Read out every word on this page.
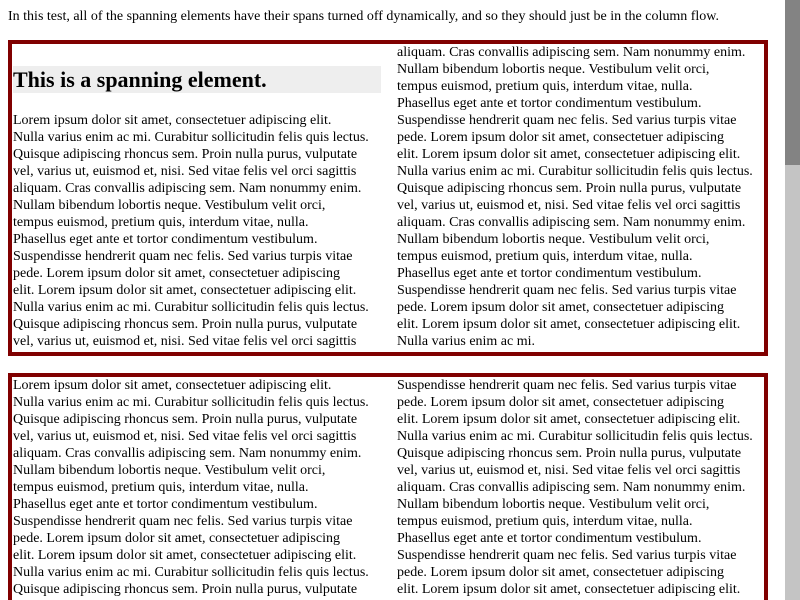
In this test, all of the spanning elements have their spans turned off dynamically, and so they should just be in the column flow.

This is a spanning element.

Lorem ipsum dolor sit amet, consectetuer adipiscing elit.

Nulla varius enim ac mi. Curabitur sollicitudin felis quis lectus.

Quisque adipiscing rhoncus sem. Proin nulla purus, vulputate

vel, varius ut, euismod et, nisi. Sed vitae felis vel orci sagittis

aliquam. Cras convallis adipiscing sem. Nam nonummy enim.

Nullam bibendum lobortis neque. Vestibulum velit orci,

tempus euismod, pretium quis, interdum vitae, nulla.

Phasellus eget ante et tortor condimentum vestibulum.

Suspendisse hendrerit quam nec felis. Sed varius turpis vitae

pede. Lorem ipsum dolor sit amet, consectetuer adipiscing

elit. Lorem ipsum dolor sit amet, consectetuer adipiscing elit.

Nulla varius enim ac mi. Curabitur sollicitudin felis quis lectus.

Quisque adipiscing rhoncus sem. Proin nulla purus, vulputate

vel, varius ut, euismod et, nisi. Sed vitae felis vel orci sagittis

aliquam. Cras convallis adipiscing sem. Nam nonummy enim.

Nullam bibendum lobortis neque. Vestibulum velit orci,

tempus euismod, pretium quis, interdum vitae, nulla.

Phasellus eget ante et tortor condimentum vestibulum.

Suspendisse hendrerit quam nec felis. Sed varius turpis vitae

pede. Lorem ipsum dolor sit amet, consectetuer adipiscing

elit. Lorem ipsum dolor sit amet, consectetuer adipiscing elit.

Nulla varius enim ac mi. Curabitur sollicitudin felis quis lectus.

Quisque adipiscing rhoncus sem. Proin nulla purus, vulputate

vel, varius ut, euismod et, nisi. Sed vitae felis vel orci sagittis

aliquam. Cras convallis adipiscing sem. Nam nonummy enim.

Nullam bibendum lobortis neque. Vestibulum velit orci,

tempus euismod, pretium quis, interdum vitae, nulla.

Phasellus eget ante et tortor condimentum vestibulum.

Suspendisse hendrerit quam nec felis. Sed varius turpis vitae

pede. Lorem ipsum dolor sit amet, consectetuer adipiscing

elit. Lorem ipsum dolor sit amet, consectetuer adipiscing elit.

Nulla varius enim ac mi.

Lorem ipsum dolor sit amet, consectetuer adipiscing elit.

Nulla varius enim ac mi. Curabitur sollicitudin felis quis lectus.

Quisque adipiscing rhoncus sem. Proin nulla purus, vulputate

vel, varius ut, euismod et, nisi. Sed vitae felis vel orci sagittis

aliquam. Cras convallis adipiscing sem. Nam nonummy enim.

Nullam bibendum lobortis neque. Vestibulum velit orci,

tempus euismod, pretium quis, interdum vitae, nulla.

Phasellus eget ante et tortor condimentum vestibulum.

Suspendisse hendrerit quam nec felis. Sed varius turpis vitae

pede. Lorem ipsum dolor sit amet, consectetuer adipiscing

elit. Lorem ipsum dolor sit amet, consectetuer adipiscing elit.

Nulla varius enim ac mi. Curabitur sollicitudin felis quis lectus.

Quisque adipiscing rhoncus sem. Proin nulla purus, vulputate

Suspendisse hendrerit quam nec felis. Sed varius turpis vitae

pede. Lorem ipsum dolor sit amet, consectetuer adipiscing

elit. Lorem ipsum dolor sit amet, consectetuer adipiscing elit.

Nulla varius enim ac mi. Curabitur sollicitudin felis quis lectus.

Quisque adipiscing rhoncus sem. Proin nulla purus, vulputate

vel, varius ut, euismod et, nisi. Sed vitae felis vel orci sagittis

aliquam. Cras convallis adipiscing sem. Nam nonummy enim.

Nullam bibendum lobortis neque. Vestibulum velit orci,

tempus euismod, pretium quis, interdum vitae, nulla.

Phasellus eget ante et tortor condimentum vestibulum.

Suspendisse hendrerit quam nec felis. Sed varius turpis vitae

pede. Lorem ipsum dolor sit amet, consectetuer adipiscing

elit. Lorem ipsum dolor sit amet, consectetuer adipiscing elit.
